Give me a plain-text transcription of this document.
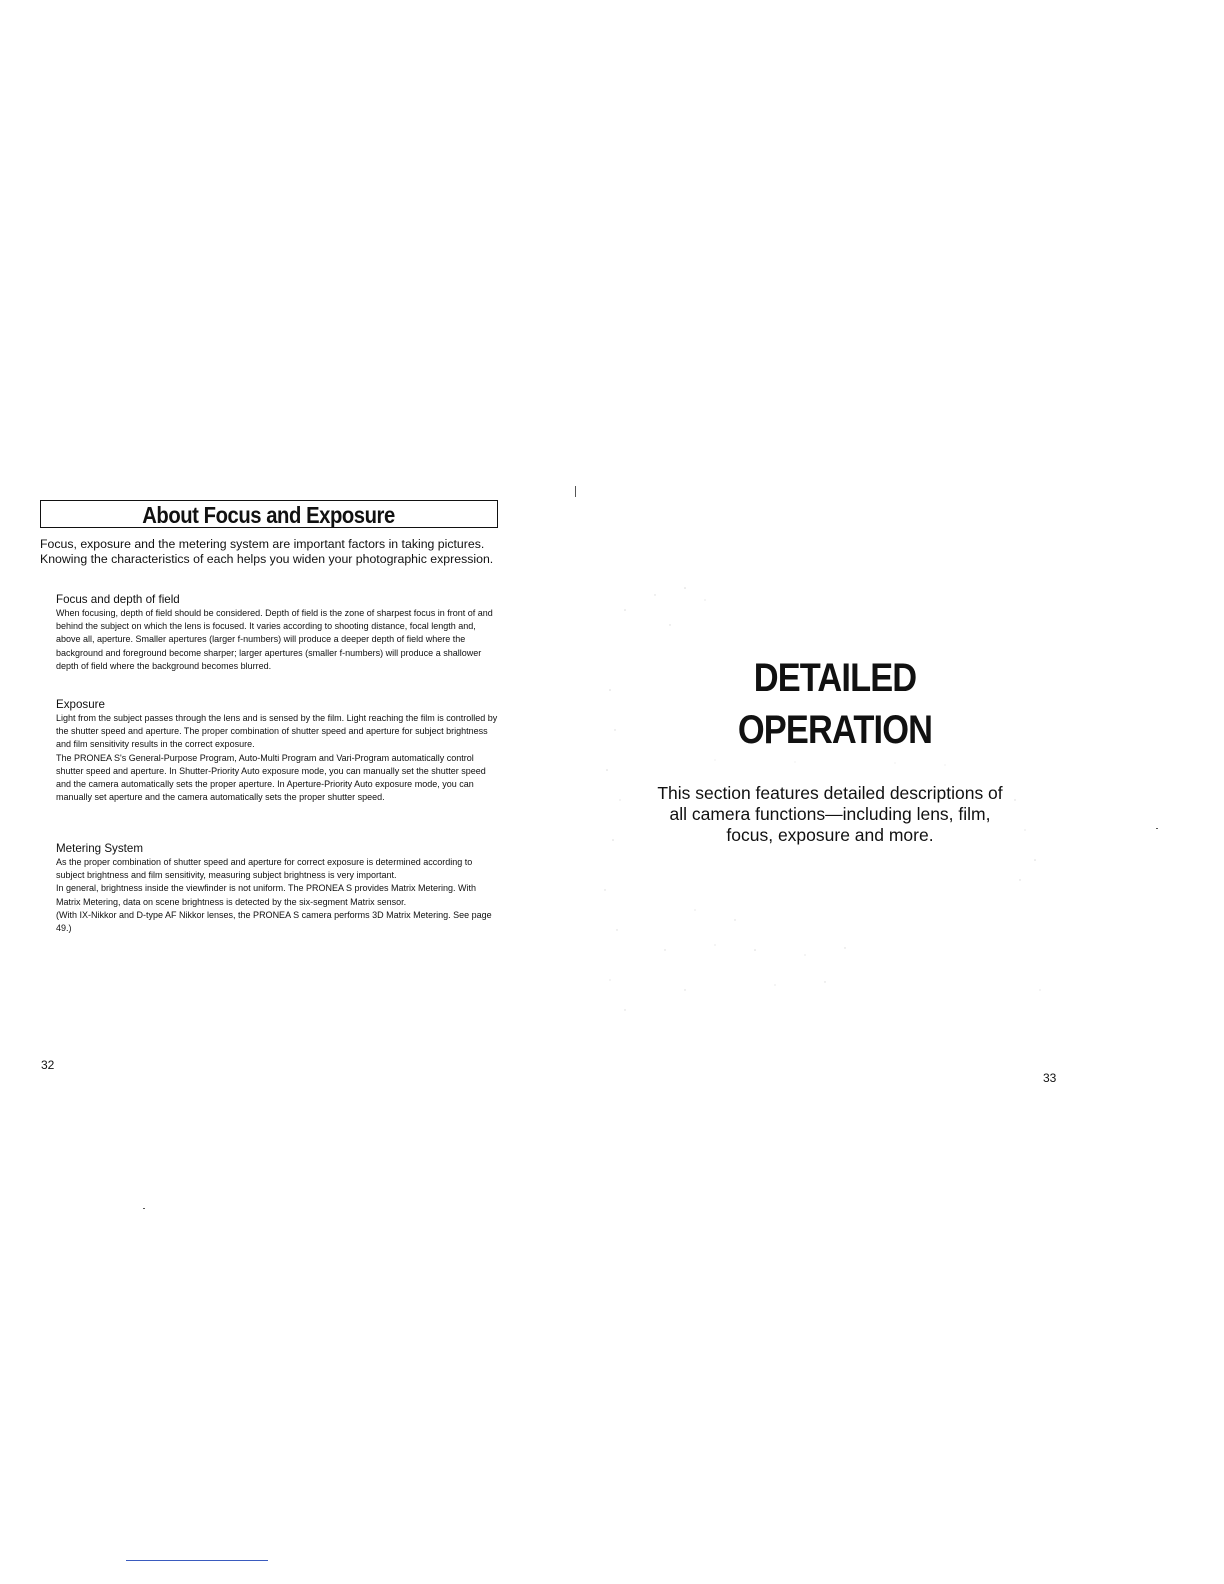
About Focus and Exposure

Focus, exposure and the metering system are important factors in taking pictures. Knowing the characteristics of each helps you widen your photographic expression.

Focus and depth of field

When focusing, depth of field should be considered. Depth of field is the zone of sharpest focus in front of and behind the subject on which the lens is focused. It varies according to shooting distance, focal length and, above all, aperture. Smaller apertures (larger f-numbers) will produce a deeper depth of field where the background and foreground become sharper; larger apertures (smaller f-numbers) will produce a shallower depth of field where the background becomes blurred.

Exposure

Light from the subject passes through the lens and is sensed by the film. Light reaching the film is controlled by the shutter speed and aperture. The proper combination of shutter speed and aperture for subject brightness and film sensitivity results in the correct exposure.

The PRONEA S's General-Purpose Program, Auto-Multi Program and Vari-Program automatically control shutter speed and aperture. In Shutter-Priority Auto exposure mode, you can manually set the shutter speed and the camera automatically sets the proper aperture. In Aperture-Priority Auto exposure mode, you can manually set aperture and the camera automatically sets the proper shutter speed.

Metering System

As the proper combination of shutter speed and aperture for correct exposure is determined according to subject brightness and film sensitivity, measuring subject brightness is very important.

In general, brightness inside the viewfinder is not uniform. The PRONEA S provides Matrix Metering. With Matrix Metering, data on scene brightness is detected by the six-segment Matrix sensor.

(With IX-Nikkor and D-type AF Nikkor lenses, the PRONEA S camera performs 3D Matrix Metering. See page 49.)

32
DETAILED
OPERATION

This section features detailed descriptions of all camera functions—including lens, film, focus, exposure and more.

33
